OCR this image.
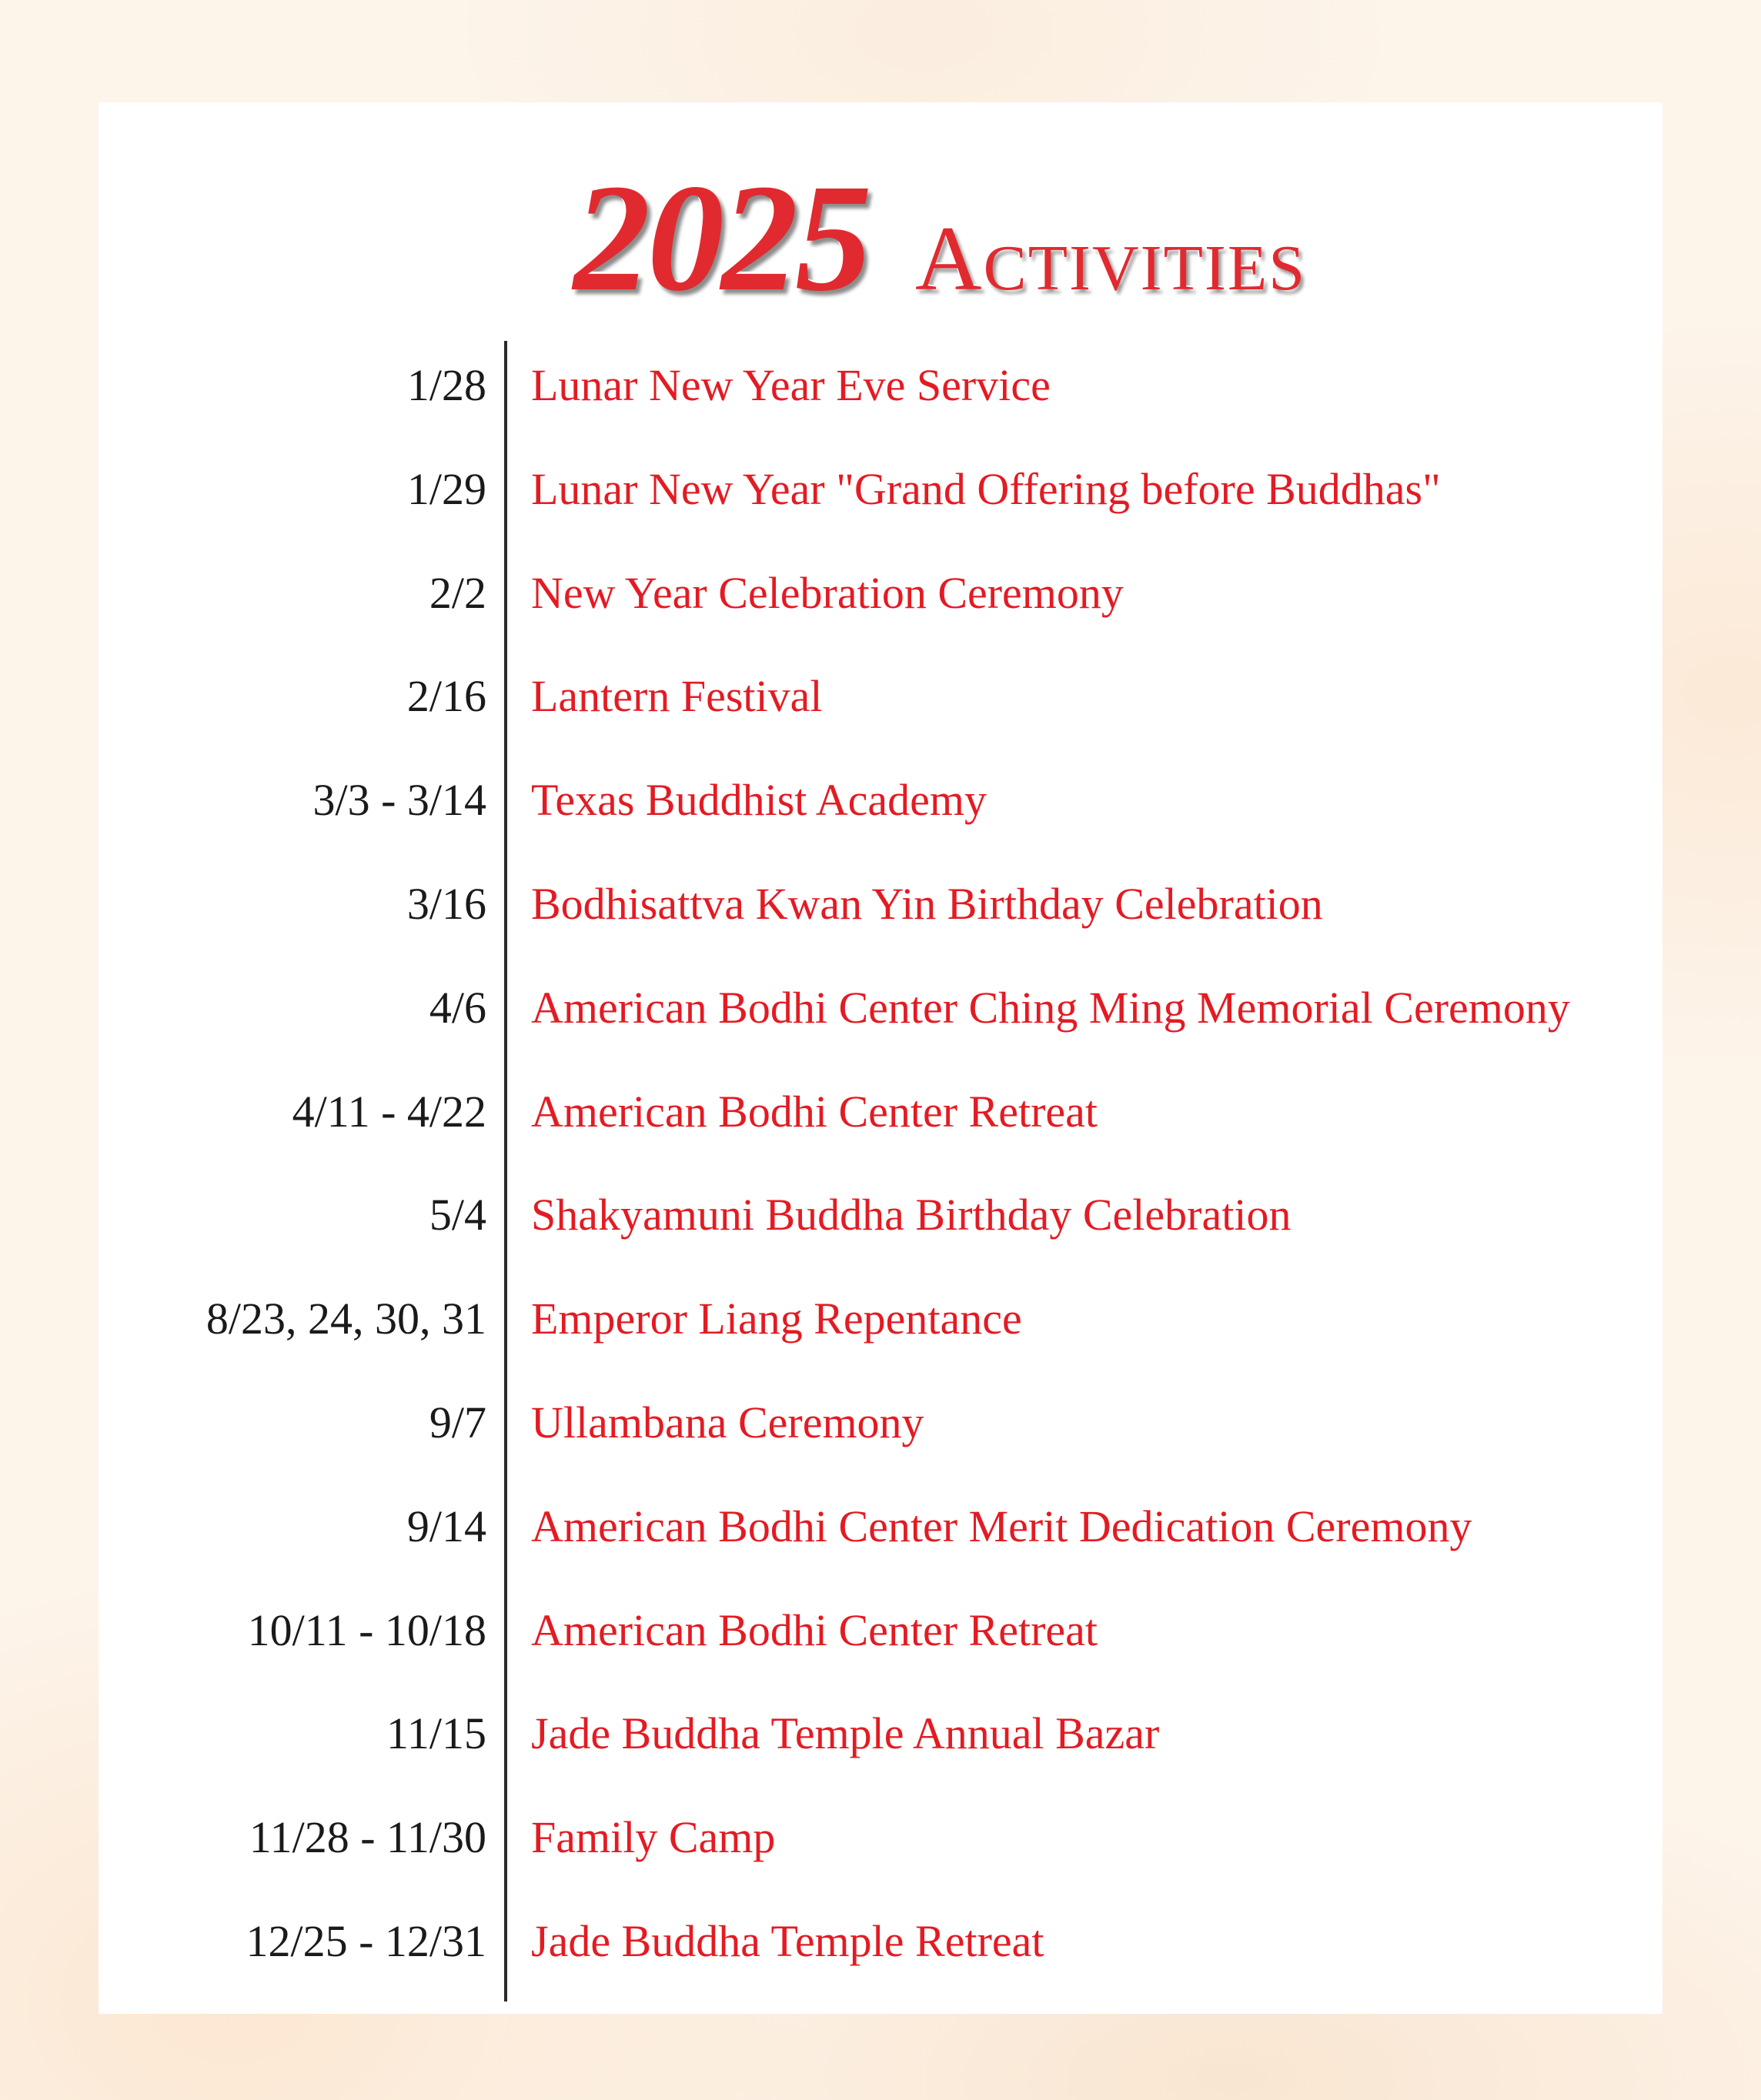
2025 Activities
1/28 Lunar New Year Eve Service
1/29 Lunar New Year "Grand Offering before Buddhas"
2/2 New Year Celebration Ceremony
2/16 Lantern Festival
3/3 - 3/14 Texas Buddhist Academy
3/16 Bodhisattva Kwan Yin Birthday Celebration
4/6 American Bodhi Center Ching Ming Memorial Ceremony
4/11 - 4/22 American Bodhi Center Retreat
5/4 Shakyamuni Buddha Birthday Celebration
8/23, 24, 30, 31 Emperor Liang Repentance
9/7 Ullambana Ceremony
9/14 American Bodhi Center Merit Dedication Ceremony
10/11 - 10/18 American Bodhi Center Retreat
11/15 Jade Buddha Temple Annual Bazar
11/28 - 11/30 Family Camp
12/25 - 12/31 Jade Buddha Temple Retreat
